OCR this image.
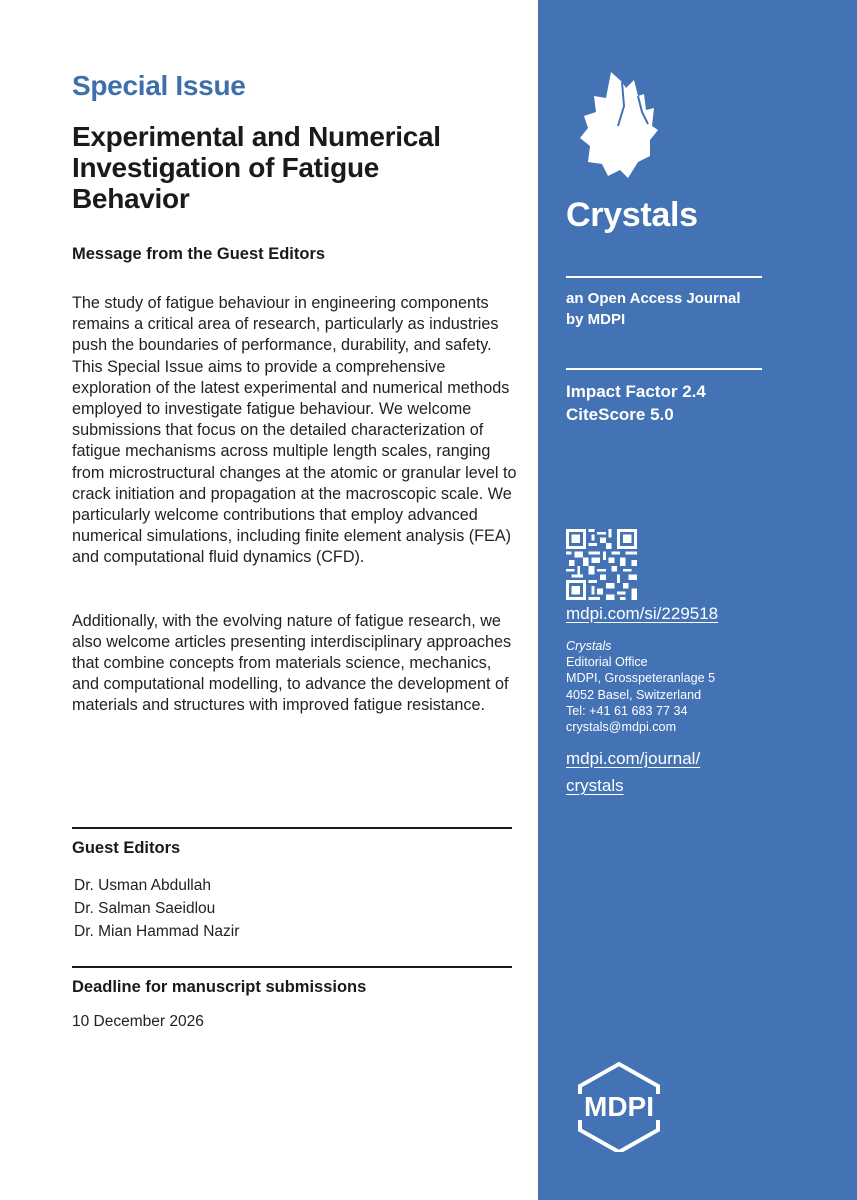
Special Issue
Experimental and Numerical Investigation of Fatigue Behavior
Message from the Guest Editors

The study of fatigue behaviour in engineering components remains a critical area of research, particularly as industries push the boundaries of performance, durability, and safety.

This Special Issue aims to provide a comprehensive exploration of the latest experimental and numerical methods employed to investigate fatigue behaviour. We welcome submissions that focus on the detailed characterization of fatigue mechanisms across multiple length scales, ranging from microstructural changes at the atomic or granular level to crack initiation and propagation at the macroscopic scale. We particularly welcome contributions that employ advanced numerical simulations, including finite element analysis (FEA) and computational fluid dynamics (CFD).

Additionally, with the evolving nature of fatigue research, we also welcome articles presenting interdisciplinary approaches that combine concepts from materials science, mechanics, and computational modelling, to advance the development of materials and structures with improved fatigue resistance.

Guest Editors
Dr. Usman Abdullah
Dr. Salman Saeidlou
Dr. Mian Hammad Nazir
Deadline for manuscript submissions
10 December 2026
Crystals
an Open Access Journal
by MDPI
Impact Factor 2.4
CiteScore 5.0
mdpi.com/si/229518
Crystals
Editorial Office
MDPI, Grosspeteranlage 5
4052 Basel, Switzerland
Tel: +41 61 683 77 34
crystals@mdpi.com
mdpi.com/journal/
crystals
MDPI
